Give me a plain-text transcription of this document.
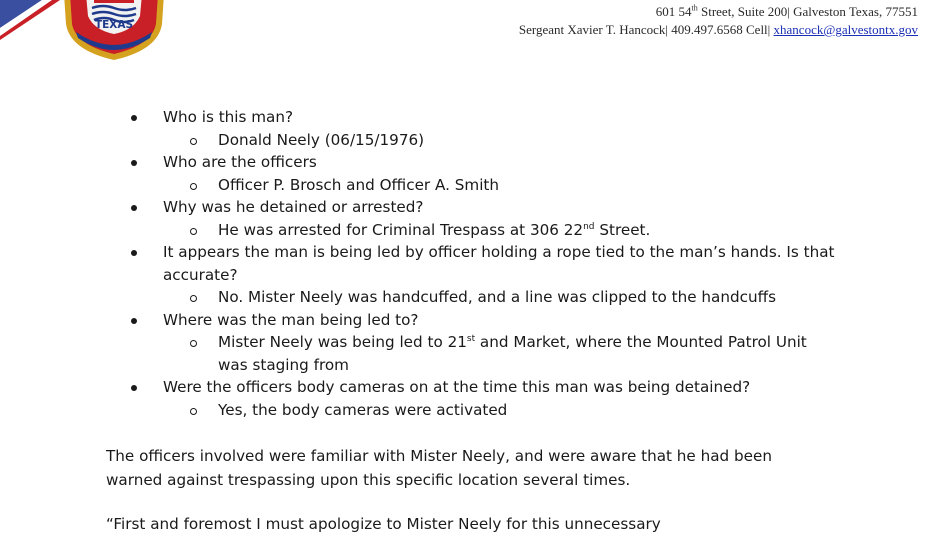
TEXAS
601 54th Street, Suite 200| Galveston Texas, 77551
Sergeant Xavier T. Hancock| 409.497.6568 Cell| xhancock@galvestontx.gov
Who is this man?
Donald Neely (06/15/1976)
Who are the officers
Officer P. Brosch and Officer A. Smith
Why was he detained or arrested?
He was arrested for Criminal Trespass at 306 22nd Street.
It appears the man is being led by officer holding a rope tied to the man’s hands. Is that
accurate?
No. Mister Neely was handcuffed, and a line was clipped to the handcuffs
Where was the man being led to?
Mister Neely was being led to 21st and Market, where the Mounted Patrol Unit
was staging from
Were the officers body cameras on at the time this man was being detained?
Yes, the body cameras were activated
The officers involved were familiar with Mister Neely, and were aware that he had been
warned against trespassing upon this specific location several times.
“First and foremost I must apologize to Mister Neely for this unnecessary
